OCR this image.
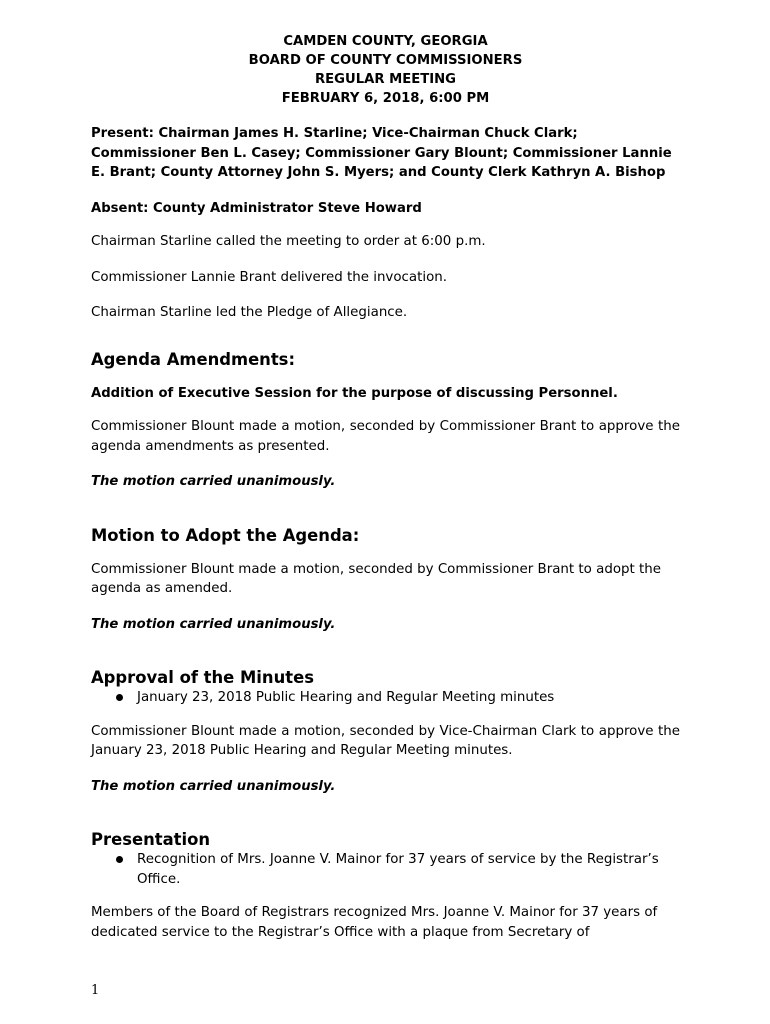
CAMDEN COUNTY, GEORGIA
BOARD OF COUNTY COMMISSIONERS
REGULAR MEETING
FEBRUARY 6, 2018, 6:00 PM

Present: Chairman James H. Starline; Vice-Chairman Chuck Clark; Commissioner Ben L. Casey; Commissioner Gary Blount; Commissioner Lannie E. Brant; County Attorney John S. Myers; and County Clerk Kathryn A. Bishop

Absent: County Administrator Steve Howard

Chairman Starline called the meeting to order at 6:00 p.m.

Commissioner Lannie Brant delivered the invocation.

Chairman Starline led the Pledge of Allegiance.

Agenda Amendments:

Addition of Executive Session for the purpose of discussing Personnel.

Commissioner Blount made a motion, seconded by Commissioner Brant to approve the agenda amendments as presented.

The motion carried unanimously.

Motion to Adopt the Agenda:

Commissioner Blount made a motion, seconded by Commissioner Brant to adopt the agenda as amended.

The motion carried unanimously.

Approval of the Minutes
January 23, 2018 Public Hearing and Regular Meeting minutes

Commissioner Blount made a motion, seconded by Vice-Chairman Clark to approve the January 23, 2018 Public Hearing and Regular Meeting minutes.

The motion carried unanimously.

Presentation
Recognition of Mrs. Joanne V. Mainor for 37 years of service by the Registrar’s Office.

Members of the Board of Registrars recognized Mrs. Joanne V. Mainor for 37 years of dedicated service to the Registrar’s Office with a plaque from Secretary of

1
